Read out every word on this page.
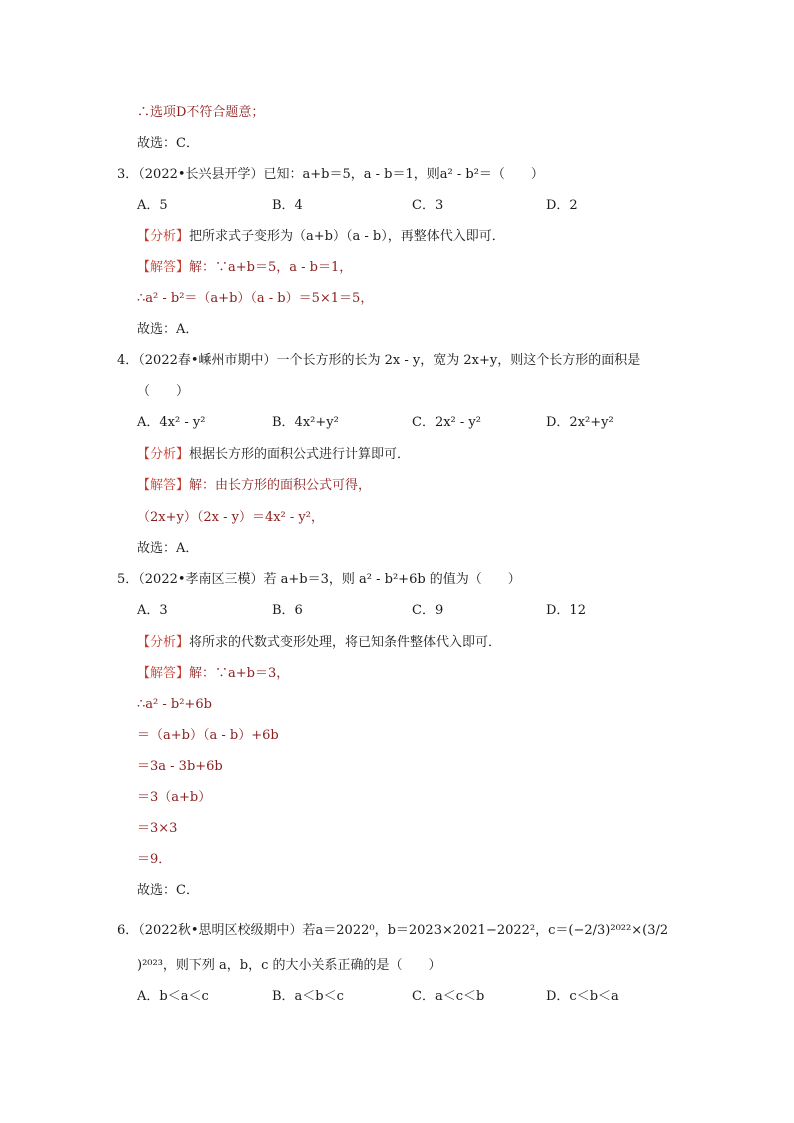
∴选项D不符合题意；
故选：C．
3．（2022•长兴县开学）已知：a+b＝5，a - b＝1，则a² - b²＝（　　）
A．5	B．4	C．3	D．2
【分析】把所求式子变形为（a+b）（a - b），再整体代入即可．
【解答】解：∵a+b＝5，a - b＝1，
∴a² - b²＝（a+b）（a - b）＝5×1＝5，
故选：A．
4．（2022春•嵊州市期中）一个长方形的长为 2x - y，宽为 2x+y，则这个长方形的面积是
（　　）
A．4x² - y²	B．4x²+y²	C．2x² - y²	D．2x²+y²
【分析】根据长方形的面积公式进行计算即可．
【解答】解：由长方形的面积公式可得，
（2x+y）（2x - y）＝4x² - y²，
故选：A．
5．（2022•孝南区三模）若 a+b＝3，则 a² - b²+6b 的值为（　　）
A．3	B．6	C．9	D．12
【分析】将所求的代数式变形处理，将已知条件整体代入即可．
【解答】解：∵a+b＝3，
∴a² - b²+6b
＝（a+b）（a - b）+6b
＝3a - 3b+6b
＝3（a+b）
＝3×3
＝9．
故选：C．
6．（2022秋•思明区校级期中）若a＝2022⁰，b＝2023×2021−2022²，c＝(−2/3)²⁰²²×(3/2
)²⁰²³，则下列 a，b，c 的大小关系正确的是（　　）
A．b＜a＜c	B．a＜b＜c	C．a＜c＜b	D．c＜b＜a
